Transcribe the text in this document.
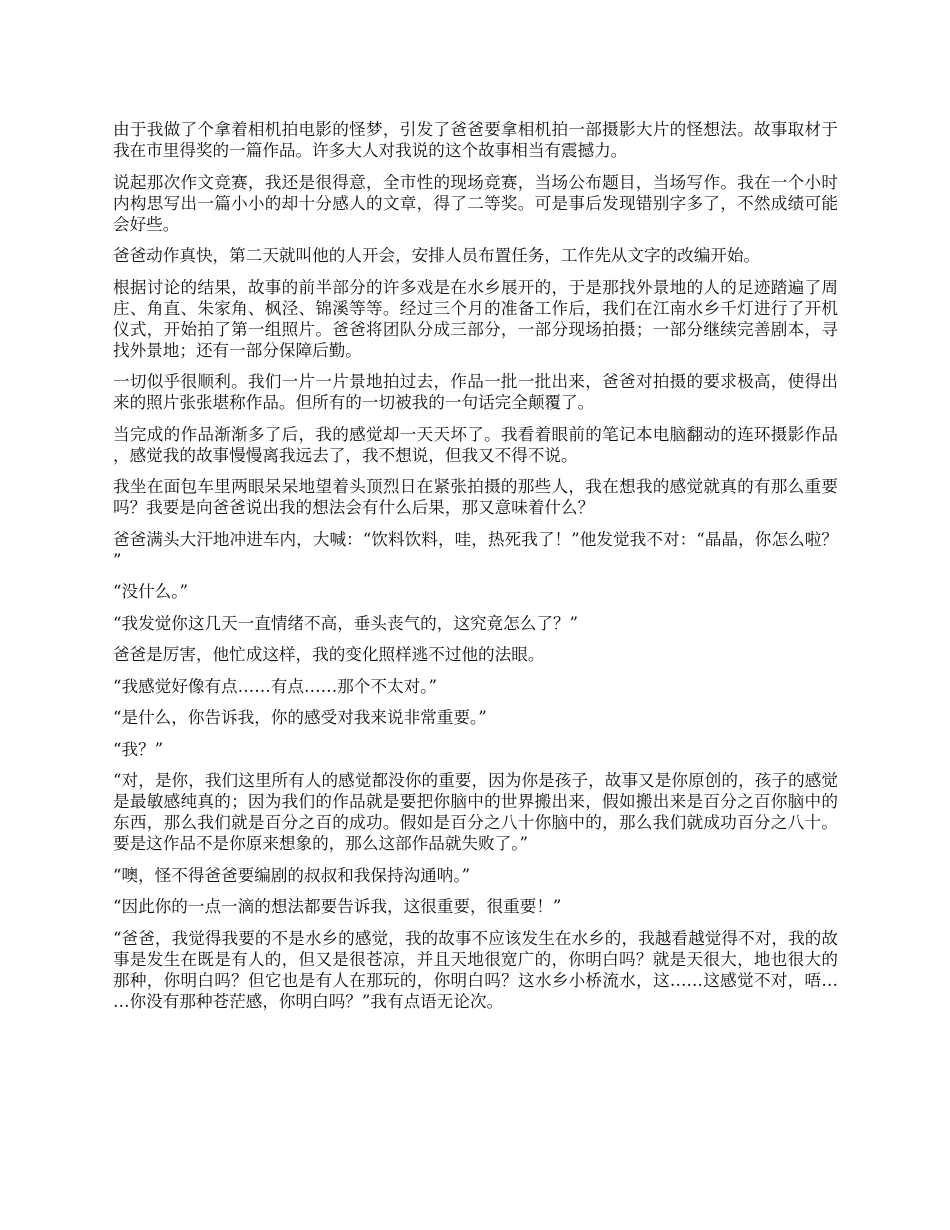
由于我做了个拿着相机拍电影的怪梦，引发了爸爸要拿相机拍一部摄影大片的怪想法。故事取材于我在市里得奖的一篇作品。许多大人对我说的这个故事相当有震撼力。

说起那次作文竞赛，我还是很得意，全市性的现场竞赛，当场公布题目，当场写作。我在一个小时内构思写出一篇小小的却十分感人的文章，得了二等奖。可是事后发现错别字多了，不然成绩可能会好些。

爸爸动作真快，第二天就叫他的人开会，安排人员布置任务，工作先从文字的改编开始。

根据讨论的结果，故事的前半部分的许多戏是在水乡展开的，于是那找外景地的人的足迹踏遍了周庄、角直、朱家角、枫泾、锦溪等等。经过三个月的准备工作后，我们在江南水乡千灯进行了开机仪式，开始拍了第一组照片。爸爸将团队分成三部分，一部分现场拍摄；一部分继续完善剧本，寻找外景地；还有一部分保障后勤。

一切似乎很顺利。我们一片一片景地拍过去，作品一批一批出来，爸爸对拍摄的要求极高，使得出来的照片张张堪称作品。但所有的一切被我的一句话完全颠覆了。

当完成的作品渐渐多了后，我的感觉却一天天坏了。我看着眼前的笔记本电脑翻动的连环摄影作品，感觉我的故事慢慢离我远去了，我不想说，但我又不得不说。

我坐在面包车里两眼呆呆地望着头顶烈日在紧张拍摄的那些人，我在想我的感觉就真的有那么重要吗？我要是向爸爸说出我的想法会有什么后果，那又意味着什么？

爸爸满头大汗地冲进车内，大喊：“饮料饮料，哇，热死我了！”他发觉我不对：“晶晶，你怎么啦？”

“没什么。”

“我发觉你这几天一直情绪不高，垂头丧气的，这究竟怎么了？”

爸爸是厉害，他忙成这样，我的变化照样逃不过他的法眼。

“我感觉好像有点……有点……那个不太对。”

“是什么，你告诉我，你的感受对我来说非常重要。”

“我？”

“对，是你，我们这里所有人的感觉都没你的重要，因为你是孩子，故事又是你原创的，孩子的感觉是最敏感纯真的；因为我们的作品就是要把你脑中的世界搬出来，假如搬出来是百分之百你脑中的东西，那么我们就是百分之百的成功。假如是百分之八十你脑中的，那么我们就成功百分之八十。要是这作品不是你原来想象的，那么这部作品就失败了。”

“噢，怪不得爸爸要编剧的叔叔和我保持沟通呐。”

“因此你的一点一滴的想法都要告诉我，这很重要，很重要！”

“爸爸，我觉得我要的不是水乡的感觉，我的故事不应该发生在水乡的，我越看越觉得不对，我的故事是发生在既是有人的，但又是很苍凉，并且天地很宽广的，你明白吗？就是天很大，地也很大的那种，你明白吗？但它也是有人在那玩的，你明白吗？这水乡小桥流水，这……这感觉不对，唔……你没有那种苍茫感，你明白吗？”我有点语无论次。
